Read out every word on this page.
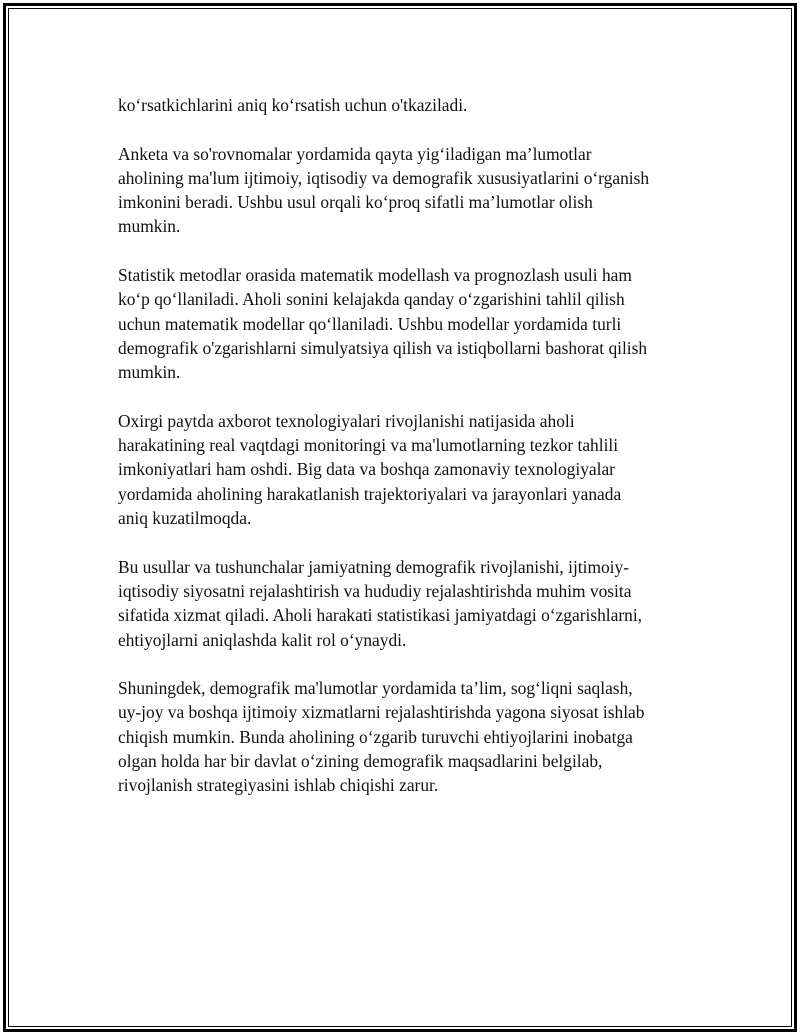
ko‘rsatkichlarini aniq ko‘rsatish uchun o'tkaziladi.

Anketa va so'rovnomalar yordamida qayta yig‘iladigan ma’lumotlar
aholining ma'lum ijtimoiy, iqtisodiy va demografik xususiyatlarini o‘rganish
imkonini beradi. Ushbu usul orqali ko‘proq sifatli ma’lumotlar olish
mumkin.

Statistik metodlar orasida matematik modellash va prognozlash usuli ham
ko‘p qo‘llaniladi. Aholi sonini kelajakda qanday o‘zgarishini tahlil qilish
uchun matematik modellar qo‘llaniladi. Ushbu modellar yordamida turli
demografik o'zgarishlarni simulyatsiya qilish va istiqbollarni bashorat qilish
mumkin.

Oxirgi paytda axborot texnologiyalari rivojlanishi natijasida aholi
harakatining real vaqtdagi monitoringi va ma'lumotlarning tezkor tahlili
imkoniyatlari ham oshdi. Big data va boshqa zamonaviy texnologiyalar
yordamida aholining harakatlanish trajektoriyalari va jarayonlari yanada
aniq kuzatilmoqda.

Bu usullar va tushunchalar jamiyatning demografik rivojlanishi, ijtimoiy-
iqtisodiy siyosatni rejalashtirish va hududiy rejalashtirishda muhim vosita
sifatida xizmat qiladi. Aholi harakati statistikasi jamiyatdagi o‘zgarishlarni,
ehtiyojlarni aniqlashda kalit rol o‘ynaydi.

Shuningdek, demografik ma'lumotlar yordamida ta’lim, sog‘liqni saqlash,
uy-joy va boshqa ijtimoiy xizmatlarni rejalashtirishda yagona siyosat ishlab
chiqish mumkin. Bunda aholining o‘zgarib turuvchi ehtiyojlarini inobatga
olgan holda har bir davlat o‘zining demografik maqsadlarini belgilab,
rivojlanish strategiyasini ishlab chiqishi zarur.
